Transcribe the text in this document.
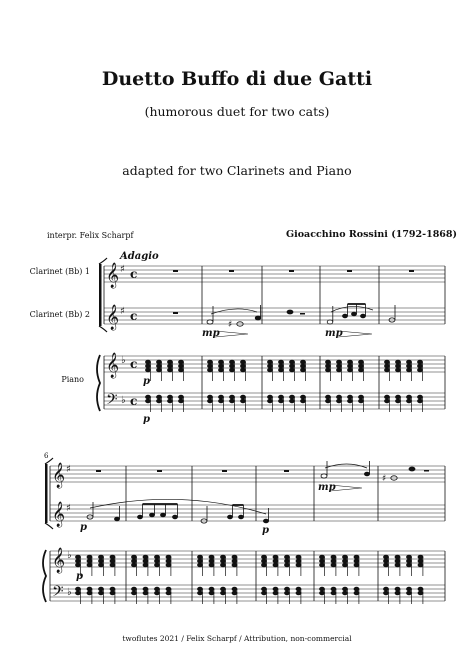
Duetto Buffo di due Gatti
(humorous duet for two cats)
adapted for two Clarinets and Piano
interpr. Felix Scharpf	Gioacchino Rossini (1792-1868)
Adagio
Clarinet (Bb) 1
Clarinet (Bb) 2
Piano
6
𝄞
𝄞
𝄞
𝄢
♯
♯
♭
♭
c
c
c
c
♯
mp	mp
p
p
𝄞
𝄞
𝄞
𝄢
♯
♯
♭
♭
♯
p	p
mp
p
twoflutes 2021 / Felix Scharpf / Attribution, non-commercial
